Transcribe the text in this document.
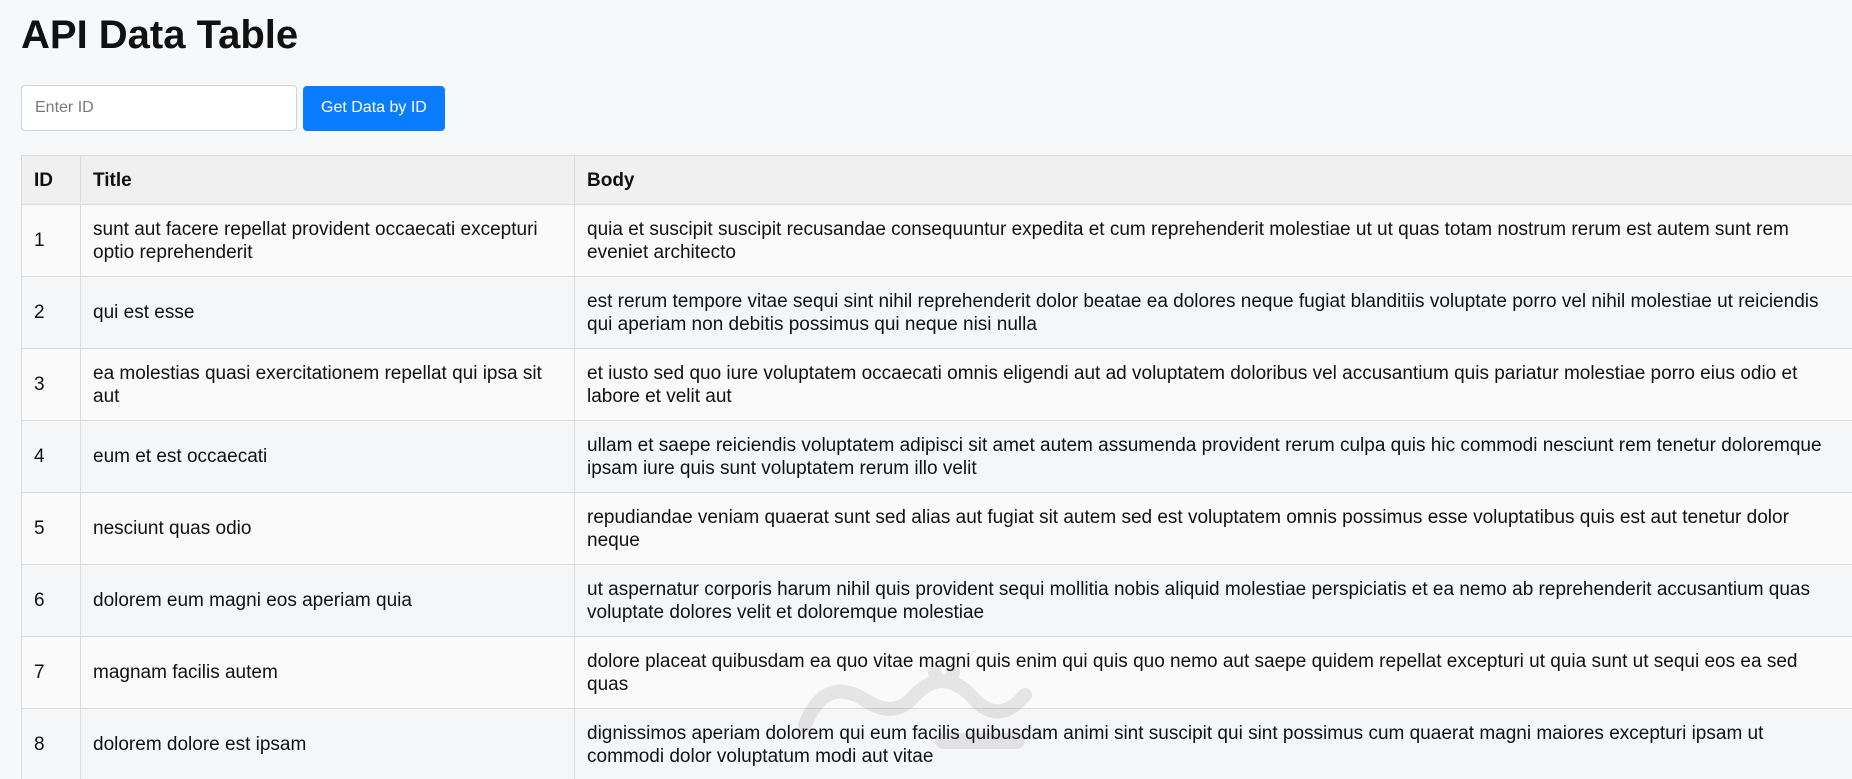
API Data Table
Enter ID
Get Data by ID
ID	Title	Body
1	sunt aut facere repellat provident occaecati excepturi optio reprehenderit	quia et suscipit suscipit recusandae consequuntur expedita et cum reprehenderit molestiae ut ut quas totam nostrum rerum est autem sunt rem eveniet architecto
2	qui est esse	est rerum tempore vitae sequi sint nihil reprehenderit dolor beatae ea dolores neque fugiat blanditiis voluptate porro vel nihil molestiae ut reiciendis qui aperiam non debitis possimus qui neque nisi nulla
3	ea molestias quasi exercitationem repellat qui ipsa sit aut	et iusto sed quo iure voluptatem occaecati omnis eligendi aut ad voluptatem doloribus vel accusantium quis pariatur molestiae porro eius odio et labore et velit aut
4	eum et est occaecati	ullam et saepe reiciendis voluptatem adipisci sit amet autem assumenda provident rerum culpa quis hic commodi nesciunt rem tenetur doloremque ipsam iure quis sunt voluptatem rerum illo velit
5	nesciunt quas odio	repudiandae veniam quaerat sunt sed alias aut fugiat sit autem sed est voluptatem omnis possimus esse voluptatibus quis est aut tenetur dolor neque
6	dolorem eum magni eos aperiam quia	ut aspernatur corporis harum nihil quis provident sequi mollitia nobis aliquid molestiae perspiciatis et ea nemo ab reprehenderit accusantium quas voluptate dolores velit et doloremque molestiae
7	magnam facilis autem	dolore placeat quibusdam ea quo vitae magni quis enim qui quis quo nemo aut saepe quidem repellat excepturi ut quia sunt ut sequi eos ea sed quas
8	dolorem dolore est ipsam	dignissimos aperiam dolorem qui eum facilis quibusdam animi sint suscipit qui sint possimus cum quaerat magni maiores excepturi ipsam ut commodi dolor voluptatum modi aut vitae
